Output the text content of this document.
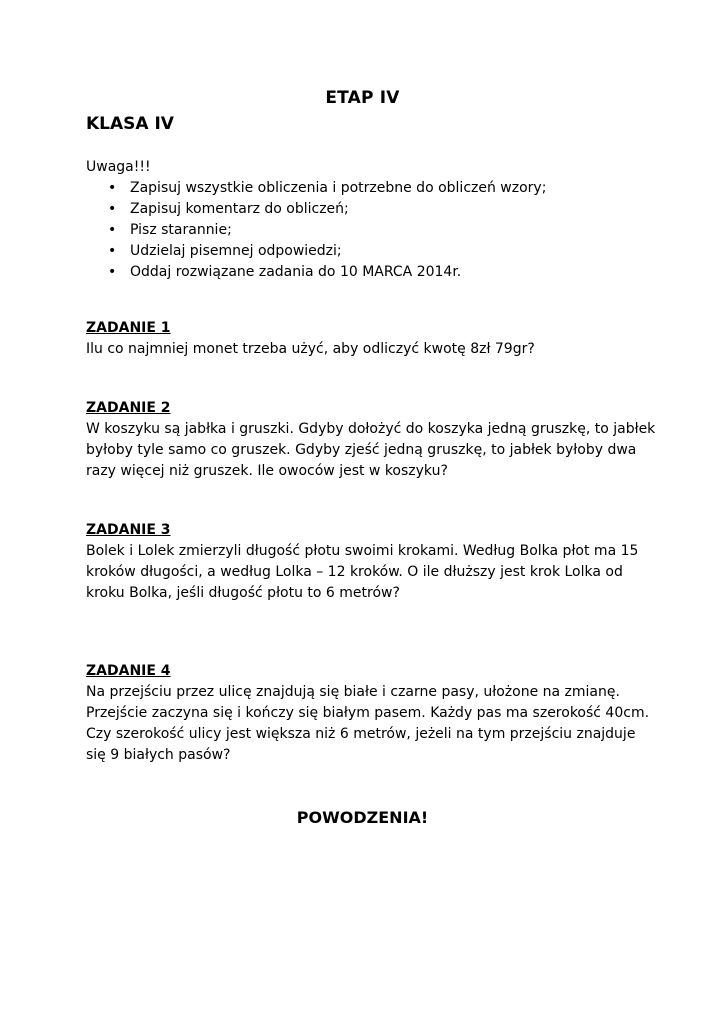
ETAP IV
KLASA IV
Uwaga!!!
• Zapisuj wszystkie obliczenia i potrzebne do obliczeń wzory;
• Zapisuj komentarz do obliczeń;
• Pisz starannie;
• Udzielaj pisemnej odpowiedzi;
• Oddaj rozwiązane zadania do 10 MARCA 2014r.
ZADANIE 1
Ilu co najmniej monet trzeba użyć, aby odliczyć kwotę 8zł 79gr?
ZADANIE 2
W koszyku są jabłka i gruszki. Gdyby dołożyć do koszyka jedną gruszkę, to jabłek
byłoby tyle samo co gruszek. Gdyby zjeść jedną gruszkę, to jabłek byłoby dwa
razy więcej niż gruszek. Ile owoców jest w koszyku?
ZADANIE 3
Bolek i Lolek zmierzyli długość płotu swoimi krokami. Według Bolka płot ma 15
kroków długości, a według Lolka – 12 kroków. O ile dłuższy jest krok Lolka od
kroku Bolka, jeśli długość płotu to 6 metrów?
ZADANIE 4
Na przejściu przez ulicę znajdują się białe i czarne pasy, ułożone na zmianę.
Przejście zaczyna się i kończy się białym pasem. Każdy pas ma szerokość 40cm.
Czy szerokość ulicy jest większa niż 6 metrów, jeżeli na tym przejściu znajduje
się 9 białych pasów?
POWODZENIA!
